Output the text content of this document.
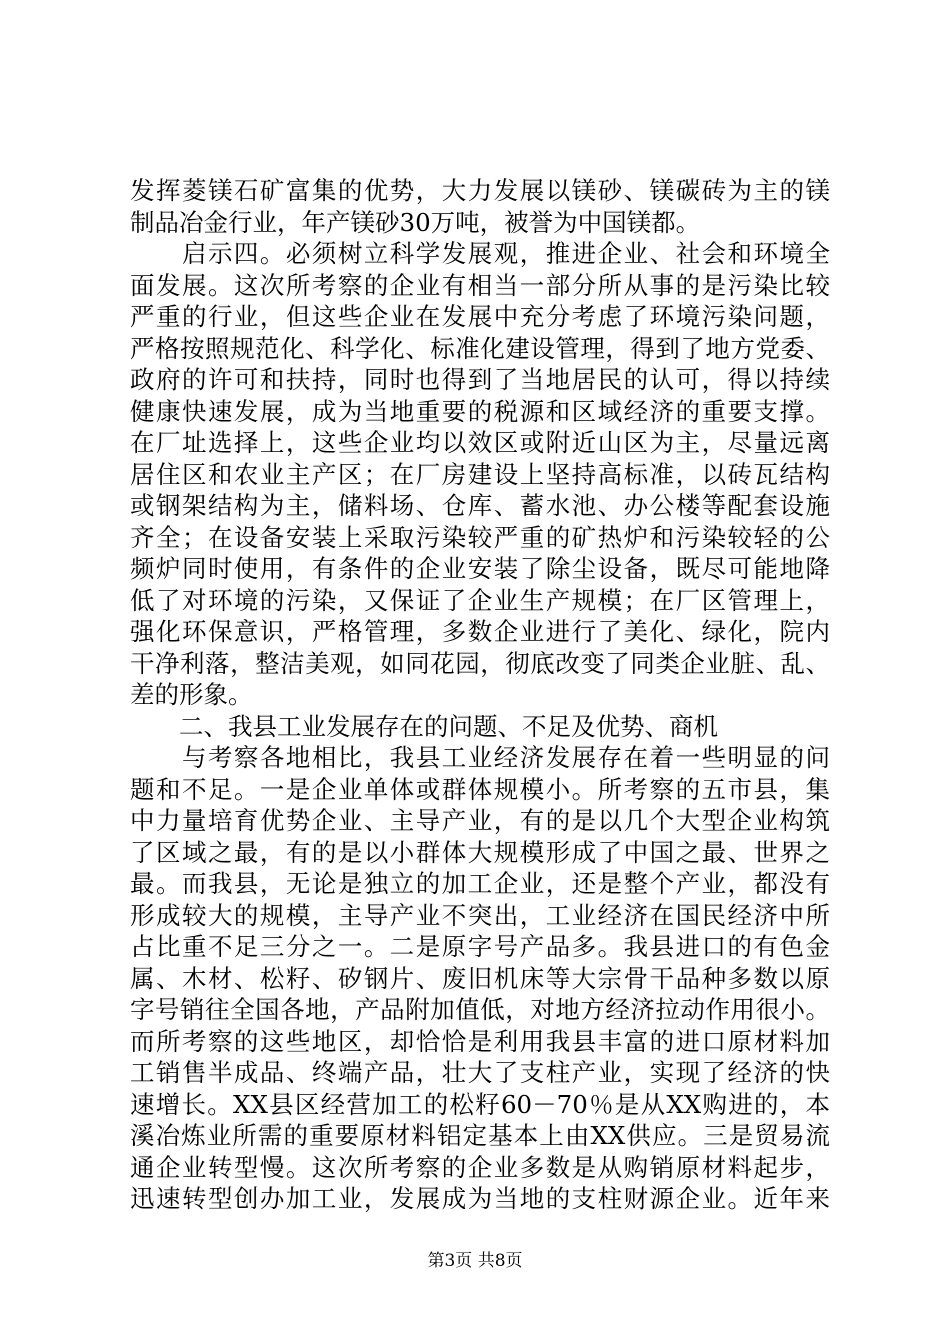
发挥菱镁石矿富集的优势，大力发展以镁砂、镁碳砖为主的镁
制品冶金行业，年产镁砂30万吨，被誉为中国镁都。
　　启示四。必须树立科学发展观，推进企业、社会和环境全
面发展。这次所考察的企业有相当一部分所从事的是污染比较
严重的行业，但这些企业在发展中充分考虑了环境污染问题，
严格按照规范化、科学化、标准化建设管理，得到了地方党委、
政府的许可和扶持，同时也得到了当地居民的认可，得以持续
健康快速发展，成为当地重要的税源和区域经济的重要支撑。
在厂址选择上，这些企业均以效区或附近山区为主，尽量远离
居住区和农业主产区；在厂房建设上坚持高标准，以砖瓦结构
或钢架结构为主，储料场、仓库、蓄水池、办公楼等配套设施
齐全；在设备安装上采取污染较严重的矿热炉和污染较轻的公
频炉同时使用，有条件的企业安装了除尘设备，既尽可能地降
低了对环境的污染，又保证了企业生产规模；在厂区管理上，
强化环保意识，严格管理，多数企业进行了美化、绿化，院内
干净利落，整洁美观，如同花园，彻底改变了同类企业脏、乱、
差的形象。
　　二、我县工业发展存在的问题、不足及优势、商机
　　与考察各地相比，我县工业经济发展存在着一些明显的问
题和不足。一是企业单体或群体规模小。所考察的五市县，集
中力量培育优势企业、主导产业，有的是以几个大型企业构筑
了区域之最，有的是以小群体大规模形成了中国之最、世界之
最。而我县，无论是独立的加工企业，还是整个产业，都没有
形成较大的规模，主导产业不突出，工业经济在国民经济中所
占比重不足三分之一。二是原字号产品多。我县进口的有色金
属、木材、松籽、矽钢片、废旧机床等大宗骨干品种多数以原
字号销往全国各地，产品附加值低，对地方经济拉动作用很小。
而所考察的这些地区，却恰恰是利用我县丰富的进口原材料加
工销售半成品、终端产品，壮大了支柱产业，实现了经济的快
速增长。XX县区经营加工的松籽60－70％是从XX购进的，本
溪冶炼业所需的重要原材料铝定基本上由XX供应。三是贸易流
通企业转型慢。这次所考察的企业多数是从购销原材料起步，
迅速转型创办加工业，发展成为当地的支柱财源企业。近年来
第3页 共8页
